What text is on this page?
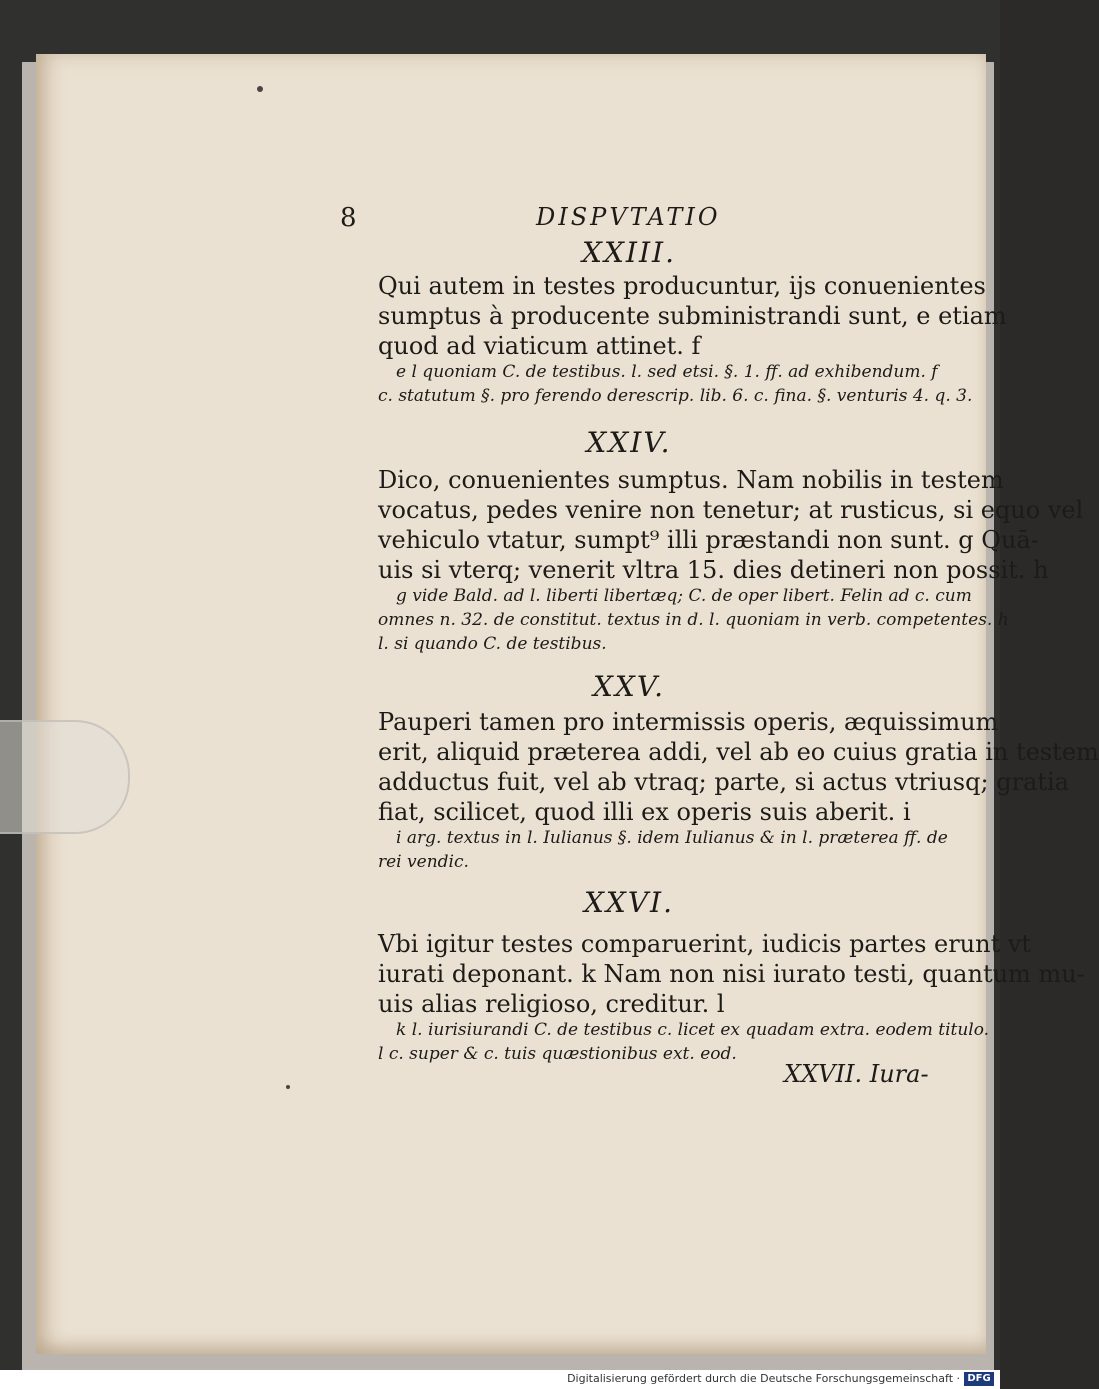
8	DISPVTATIO
XXIII.
Qui autem in testes producuntur, ijs conuenientes
sumptus à producente subministrandi sunt, e etiam
quod ad viaticum attinet. f
e l quoniam C. de testibus. l. sed etsi. §. 1. ff. ad exhibendum. f
c. statutum §. pro ferendo derescrip. lib. 6. c. fina. §. venturis 4. q. 3.
XXIV.
Dico, conuenientes sumptus. Nam nobilis in testem
vocatus, pedes venire non tenetur; at rusticus, si equo vel
vehiculo vtatur, sumpt⁹ illi præstandi non sunt. g Quā-
uis si vterq; venerit vltra 15. dies detineri non possit. h
g vide Bald. ad l. liberti libertæq; C. de oper libert. Felin ad c. cum
omnes n. 32. de constitut. textus in d. l. quoniam in verb. competentes. h
l. si quando C. de testibus.
XXV.
Pauperi tamen pro intermissis operis, æquissimum
erit, aliquid præterea addi, vel ab eo cuius gratia in testem
adductus fuit, vel ab vtraq; parte, si actus vtriusq; gratia
fiat, scilicet, quod illi ex operis suis aberit. i
i arg. textus in l. Iulianus §. idem Iulianus & in l. præterea ff. de
rei vendic.
XXVI.
Vbi igitur testes comparuerint, iudicis partes erunt vt
iurati deponant. k Nam non nisi iurato testi, quantum mu-
uis alias religioso, creditur. l
k l. iurisiurandi C. de testibus c. licet ex quadam extra. eodem titulo.
l c. super & c. tuis quæstionibus ext. eod.
XXVII. Iura-
Digitalisierung gefördert durch die Deutsche Forschungsgemeinschaft · DFG
